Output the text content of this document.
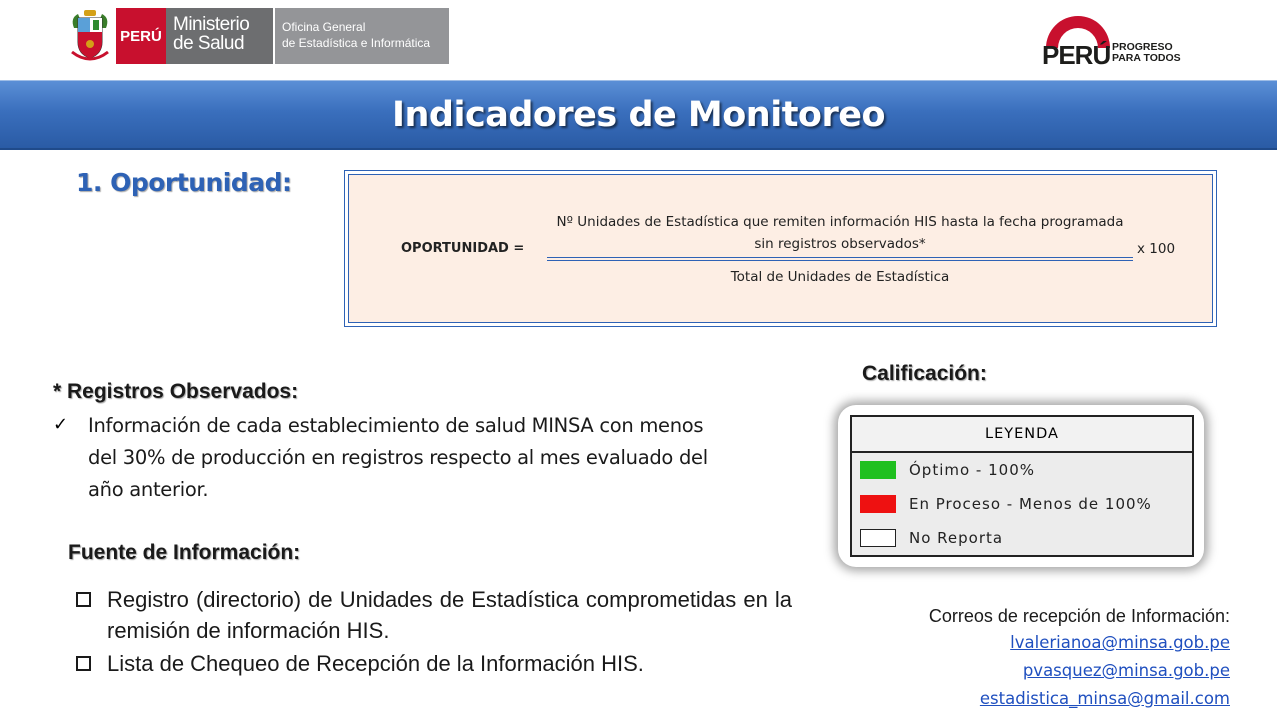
PERÚ
Ministerio de Salud
Oficina General
de Estadística e Informática	PERÚ PROGRESO
PARA TODOS
Indicadores de Monitoreo
1. Oportunidad:
OPORTUNIDAD =
Nº Unidades de Estadística que remiten información HIS hasta la fecha programada sin registros observados*
Total de Unidades de Estadística
x 100
* Registros Observados:
✓	Información de cada establecimiento de salud MINSA con menos del 30% de producción en registros respecto al mes evaluado del año anterior.
Fuente de Información:
Registro (directorio) de Unidades de Estadística comprometidas en la remisión de información HIS.
Lista de Chequeo de Recepción de la Información HIS.
Calificación:
LEYENDA
Óptimo - 100%
En Proceso - Menos de 100%
No Reporta
Correos de recepción de Información:
lvalerianoa@minsa.gob.pe
pvasquez@minsa.gob.pe
estadistica_minsa@gmail.com
